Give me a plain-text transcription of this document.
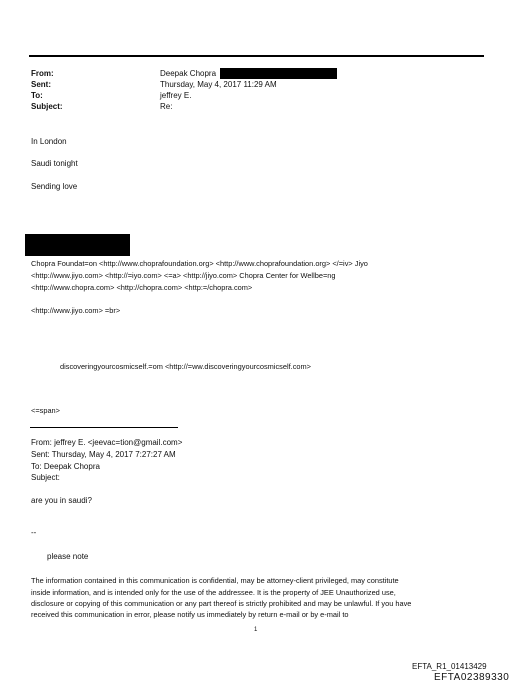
From:
Sent:
To:
Subject:
Deepak Chopra
Thursday, May 4, 2017 11:29 AM
jeffrey E.
Re:
In London
Saudi tonight
Sending love
Chopra Foundat=on <http://www.choprafoundation.org> <http://www.choprafoundation.org> </=iv> Jiyo
<http://www.jiyo.com> <http://=iyo.com> <=a> <http://jiyo.com> Chopra Center for Wellbe=ng
<http://www.chopra.com> <http://chopra.com> <http:=/chopra.com>
<http://www.jiyo.com> =br>
discoveringyourcosmicself.=om <http://=ww.discoveringyourcosmicself.com>
<=span>
From: jeffrey E. <jeevac=tion@gmail.com>
Sent: Thursday, May 4, 2017 7:27:27 AM
To: Deepak Chopra
Subject:
are you in saudi?
--
please note
The information contained in this communication is confidential, may be attorney-client privileged, may constitute
inside information, and is intended only for the use of the addressee. It is the property of JEE Unauthorized use,
disclosure or copying of this communication or any part thereof is strictly prohibited and may be unlawful. If you have
received this communication in error, please notify us immediately by return e-mail or by e-mail to
1
EFTA_R1_01413429
EFTA02389330
